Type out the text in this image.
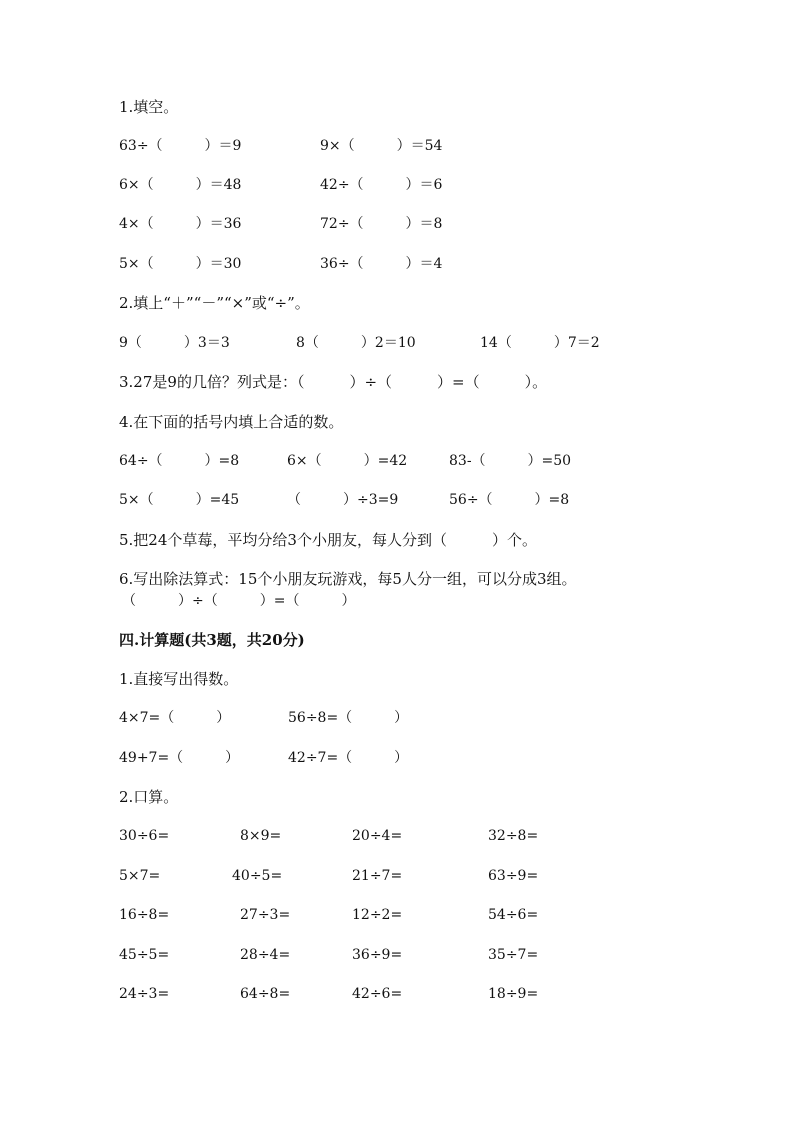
1.填空。
63÷（　　　）＝9	9×（　　　）＝54
6×（　　　）＝48	42÷（　　　）＝6
4×（　　　）＝36	72÷（　　　）＝8
5×（　　　）＝30	36÷（　　　）＝4
2.填上“＋”“－”“×”或“÷”。
9（　　　）3＝3	8（　　　）2＝10	14（　　　）7＝2
3.27是9的几倍？列式是：（　　　）÷（　　　）=（　　　）。
4.在下面的括号内填上合适的数。
64÷（　　　）=8	6×（　　　）=42	83-（　　　）=50
5×（　　　）=45	（　　　）÷3=9	56÷（　　　）=8
5.把24个草莓，平均分给3个小朋友，每人分到（　　　）个。
6.写出除法算式：15个小朋友玩游戏，每5人分一组，可以分成3组。
（　　　）÷（　　　）=（　　　）
四.计算题(共3题，共20分)
1.直接写出得数。
4×7=（　　　）	56÷8=（　　　）
49+7=（　　　）	42÷7=（　　　）
2.口算。
30÷6=	8×9=	20÷4=	32÷8=
5×7=	40÷5=	21÷7=	63÷9=
16÷8=	27÷3=	12÷2=	54÷6=
45÷5=	28÷4=	36÷9=	35÷7=
24÷3=	64÷8=	42÷6=	18÷9=
